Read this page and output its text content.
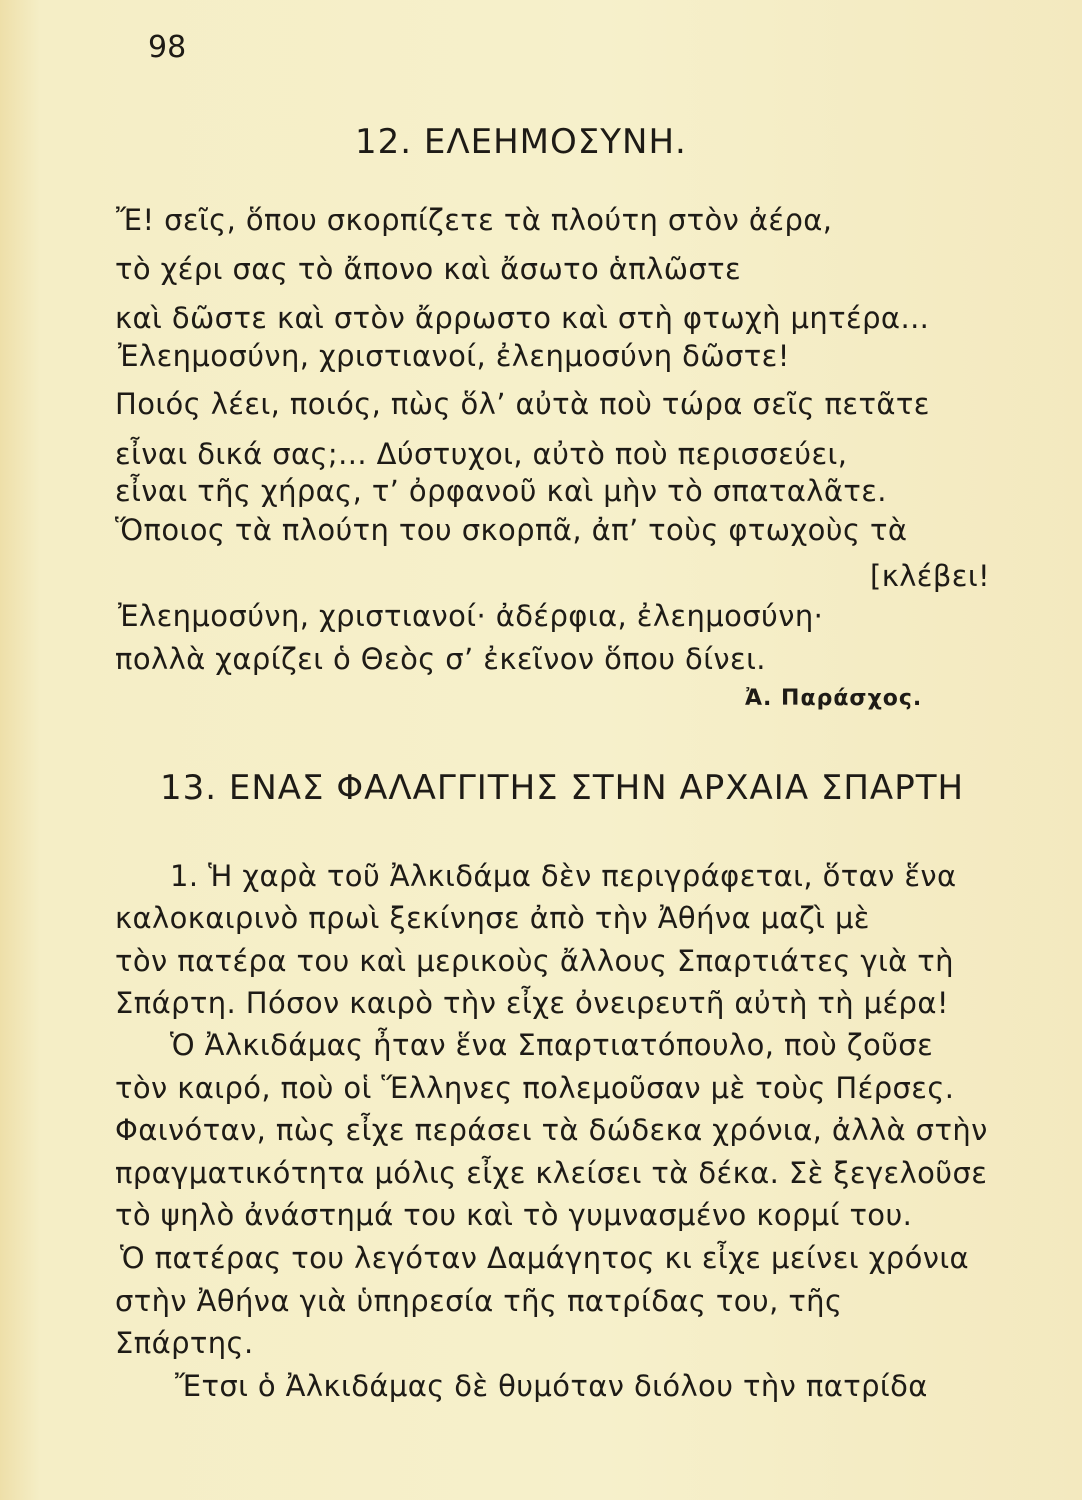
98
12. ΕΛΕΗΜΟΣΥΝΗ.
Ἔ! σεῖς, ὅπου σκορπίζετε τὰ πλούτη στὸν ἀέρα,
τὸ χέρι σας τὸ ἄπονο καὶ ἄσωτο ἁπλῶστε
καὶ δῶστε καὶ στὸν ἄρρωστο καὶ στὴ φτωχὴ μητέρα...
Ἐλεημοσύνη, χριστιανοί, ἐλεημοσύνη δῶστε!
Ποιός λέει, ποιός, πὼς ὅλ’ αὐτὰ ποὺ τώρα σεῖς πετᾶτε
εἶναι δικά σας;... Δύστυχοι, αὐτὸ ποὺ περισσεύει,
εἶναι τῆς χήρας, τ’ ὀρφανοῦ καὶ μὴν τὸ σπαταλᾶτε.
Ὅποιος τὰ πλούτη του σκορπᾶ, ἀπ’ τοὺς φτωχοὺς τὰ
[κλέβει!
Ἐλεημοσύνη, χριστιανοί· ἀδέρφια, ἐλεημοσύνη·
πολλὰ χαρίζει ὁ Θεὸς σ’ ἐκεῖνον ὅπου δίνει.
Ἀ. Παράσχος.
13. ΕΝΑΣ ΦΑΛΑΓΓΙΤΗΣ ΣΤΗΝ ΑΡΧΑΙΑ ΣΠΑΡΤΗ
1. Ἡ χαρὰ τοῦ Ἀλκιδάμα δὲν περιγράφεται, ὅταν ἕνα
καλοκαιρινὸ πρωὶ ξεκίνησε ἀπὸ τὴν Ἀθήνα μαζὶ μὲ
τὸν πατέρα του καὶ μερικοὺς ἄλλους Σπαρτιάτες γιὰ τὴ
Σπάρτη. Πόσον καιρὸ τὴν εἶχε ὀνειρευτῆ αὐτὴ τὴ μέρα!
Ὁ Ἀλκιδάμας ἦταν ἕνα Σπαρτιατόπουλο, ποὺ ζοῦσε
τὸν καιρό, ποὺ οἱ Ἕλληνες πολεμοῦσαν μὲ τοὺς Πέρσες.
Φαινόταν, πὼς εἶχε περάσει τὰ δώδεκα χρόνια, ἀλλὰ στὴν
πραγματικότητα μόλις εἶχε κλείσει τὰ δέκα. Σὲ ξεγελοῦσε
τὸ ψηλὸ ἀνάστημά του καὶ τὸ γυμνασμένο κορμί του.
Ὁ πατέρας του λεγόταν Δαμάγητος κι εἶχε μείνει χρόνια
στὴν Ἀθήνα γιὰ ὑπηρεσία τῆς πατρίδας του, τῆς
Σπάρτης.
Ἔτσι ὁ Ἀλκιδάμας δὲ θυμόταν διόλου τὴν πατρίδα
